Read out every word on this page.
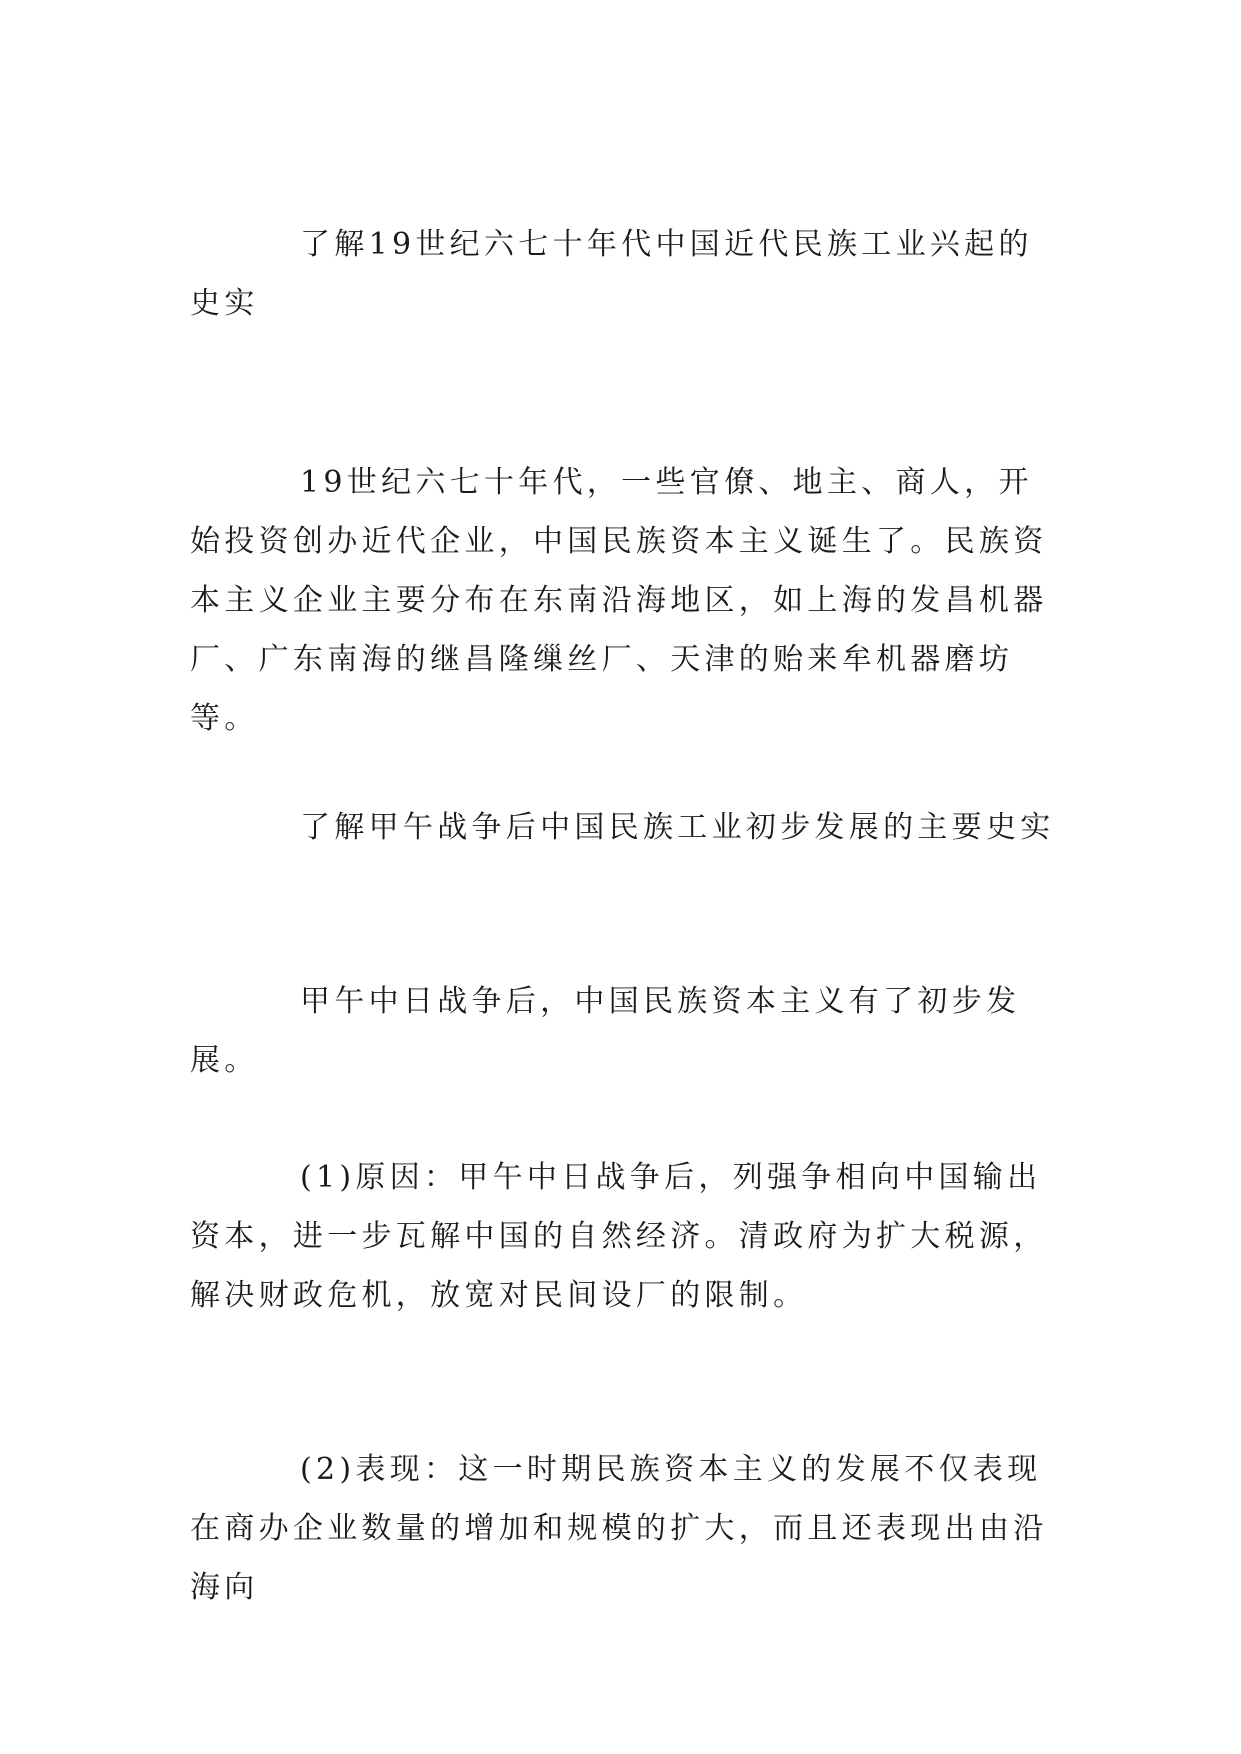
了解19世纪六七十年代中国近代民族工业兴起的史实

19世纪六七十年代，一些官僚、地主、商人，开始投资创办近代企业，中国民族资本主义诞生了。民族资本主义企业主要分布在东南沿海地区，如上海的发昌机器厂、广东南海的继昌隆缫丝厂、天津的贻来牟机器磨坊等。

了解甲午战争后中国民族工业初步发展的主要史实

甲午中日战争后，中国民族资本主义有了初步发展。

(1)原因：甲午中日战争后，列强争相向中国输出资本，进一步瓦解中国的自然经济。清政府为扩大税源，解决财政危机，放宽对民间设厂的限制。

(2)表现：这一时期民族资本主义的发展不仅表现在商办企业数量的增加和规模的扩大，而且还表现出由沿海向
